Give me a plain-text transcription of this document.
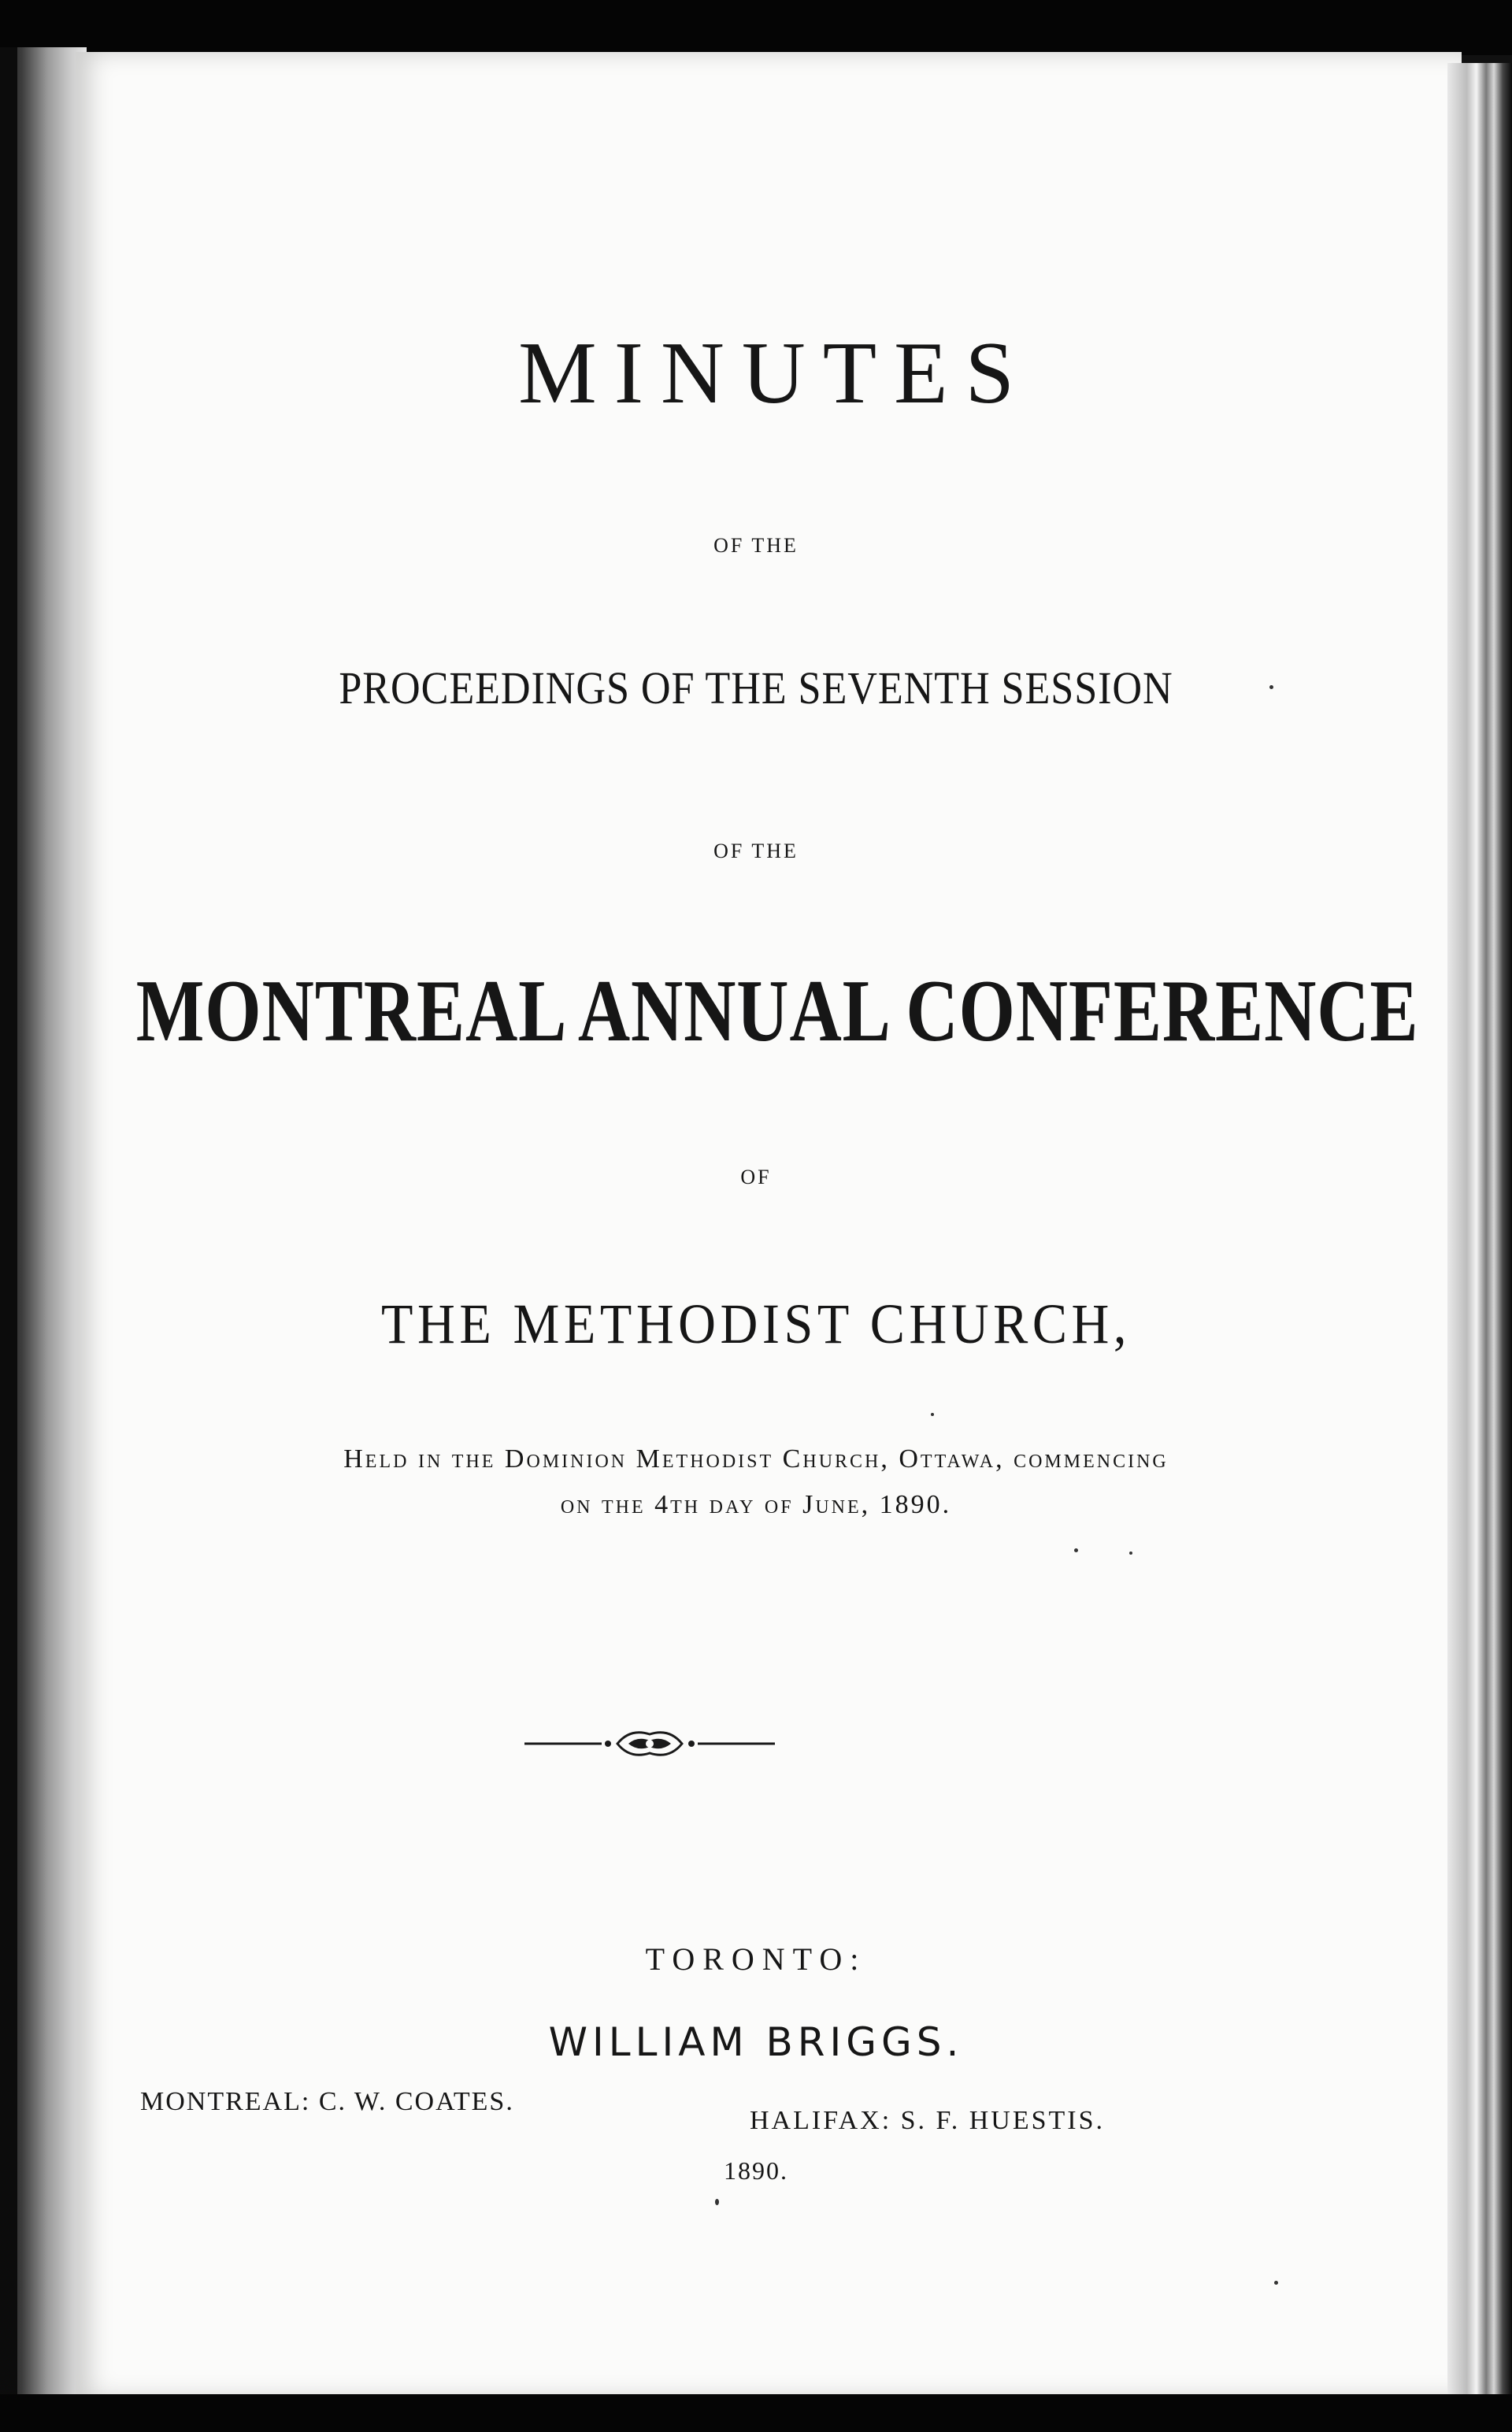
MINUTES
OF THE
PROCEEDINGS OF THE SEVENTH SESSION
OF THE
MONTREAL ANNUAL CONFERENCE
OF
THE METHODIST CHURCH,
Held in the Dominion Methodist Church, Ottawa, commencing
on the 4th day of June, 1890.
TORONTO:
WILLIAM BRIGGS.
MONTREAL: C. W. COATES.
HALIFAX: S. F. HUESTIS.
1890.
